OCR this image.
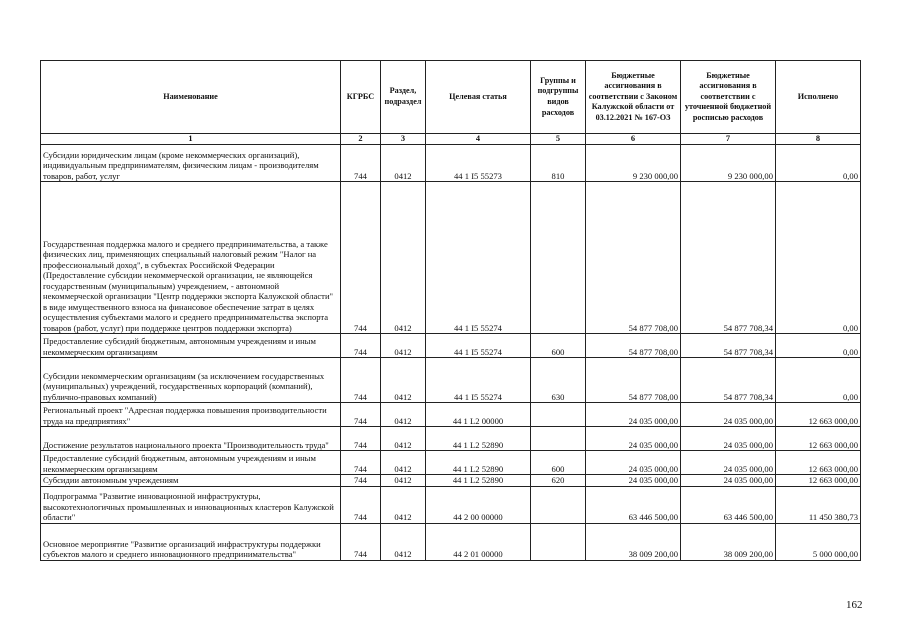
Наименование	КГРБС	Раздел, подраздел	Целевая статья	Группы и подгруппы видов расходов	Бюджетные ассигнования в соответствии с Законом Калужской области от 03.12.2021 № 167-ОЗ	Бюджетные ассигнования в соответствии с уточненной бюджетной росписью расходов	Исполнено
1	2	3	4	5	6	7	8
Субсидии юридическим лицам (кроме некоммерческих организаций), индивидуальным предпринимателям, физическим лицам - производителям товаров, работ, услуг	744	0412	44 1 I5 55273	810	9 230 000,00	9 230 000,00	0,00
Государственная поддержка малого и среднего предпринимательства, а также физических лиц, применяющих специальный налоговый режим "Налог на профессиональный доход", в субъектах Российской Федерации (Предоставление субсидии некоммерческой организации, не являющейся государственным (муниципальным) учреждением, - автономной некоммерческой организации "Центр поддержки экспорта Калужской области" в виде имущественного взноса на финансовое обеспечение затрат в целях осуществления субъектами малого и среднего предпринимательства экспорта товаров (работ, услуг) при поддержке центров поддержки экспорта)	744	0412	44 1 I5 55274		54 877 708,00	54 877 708,34	0,00
Предоставление субсидий бюджетным, автономным учреждениям и иным некоммерческим организациям	744	0412	44 1 I5 55274	600	54 877 708,00	54 877 708,34	0,00
Субсидии некоммерческим организациям (за исключением государственных (муниципальных) учреждений, государственных корпораций (компаний), публично-правовых компаний)	744	0412	44 1 I5 55274	630	54 877 708,00	54 877 708,34	0,00
Региональный проект "Адресная поддержка повышения производительности труда на предприятиях"	744	0412	44 1 L2 00000		24 035 000,00	24 035 000,00	12 663 000,00
Достижение результатов национального проекта "Производительность труда"	744	0412	44 1 L2 52890		24 035 000,00	24 035 000,00	12 663 000,00
Предоставление субсидий бюджетным, автономным учреждениям и иным некоммерческим организациям	744	0412	44 1 L2 52890	600	24 035 000,00	24 035 000,00	12 663 000,00
Субсидии автономным учреждениям	744	0412	44 1 L2 52890	620	24 035 000,00	24 035 000,00	12 663 000,00
Подпрограмма "Развитие инновационной инфраструктуры, высокотехнологичных промышленных и инновационных кластеров Калужской области"	744	0412	44 2 00 00000		63 446 500,00	63 446 500,00	11 450 380,73
Основное мероприятие "Развитие организаций инфраструктуры поддержки субъектов малого и среднего инновационного предпринимательства"	744	0412	44 2 01 00000		38 009 200,00	38 009 200,00	5 000 000,00
162
